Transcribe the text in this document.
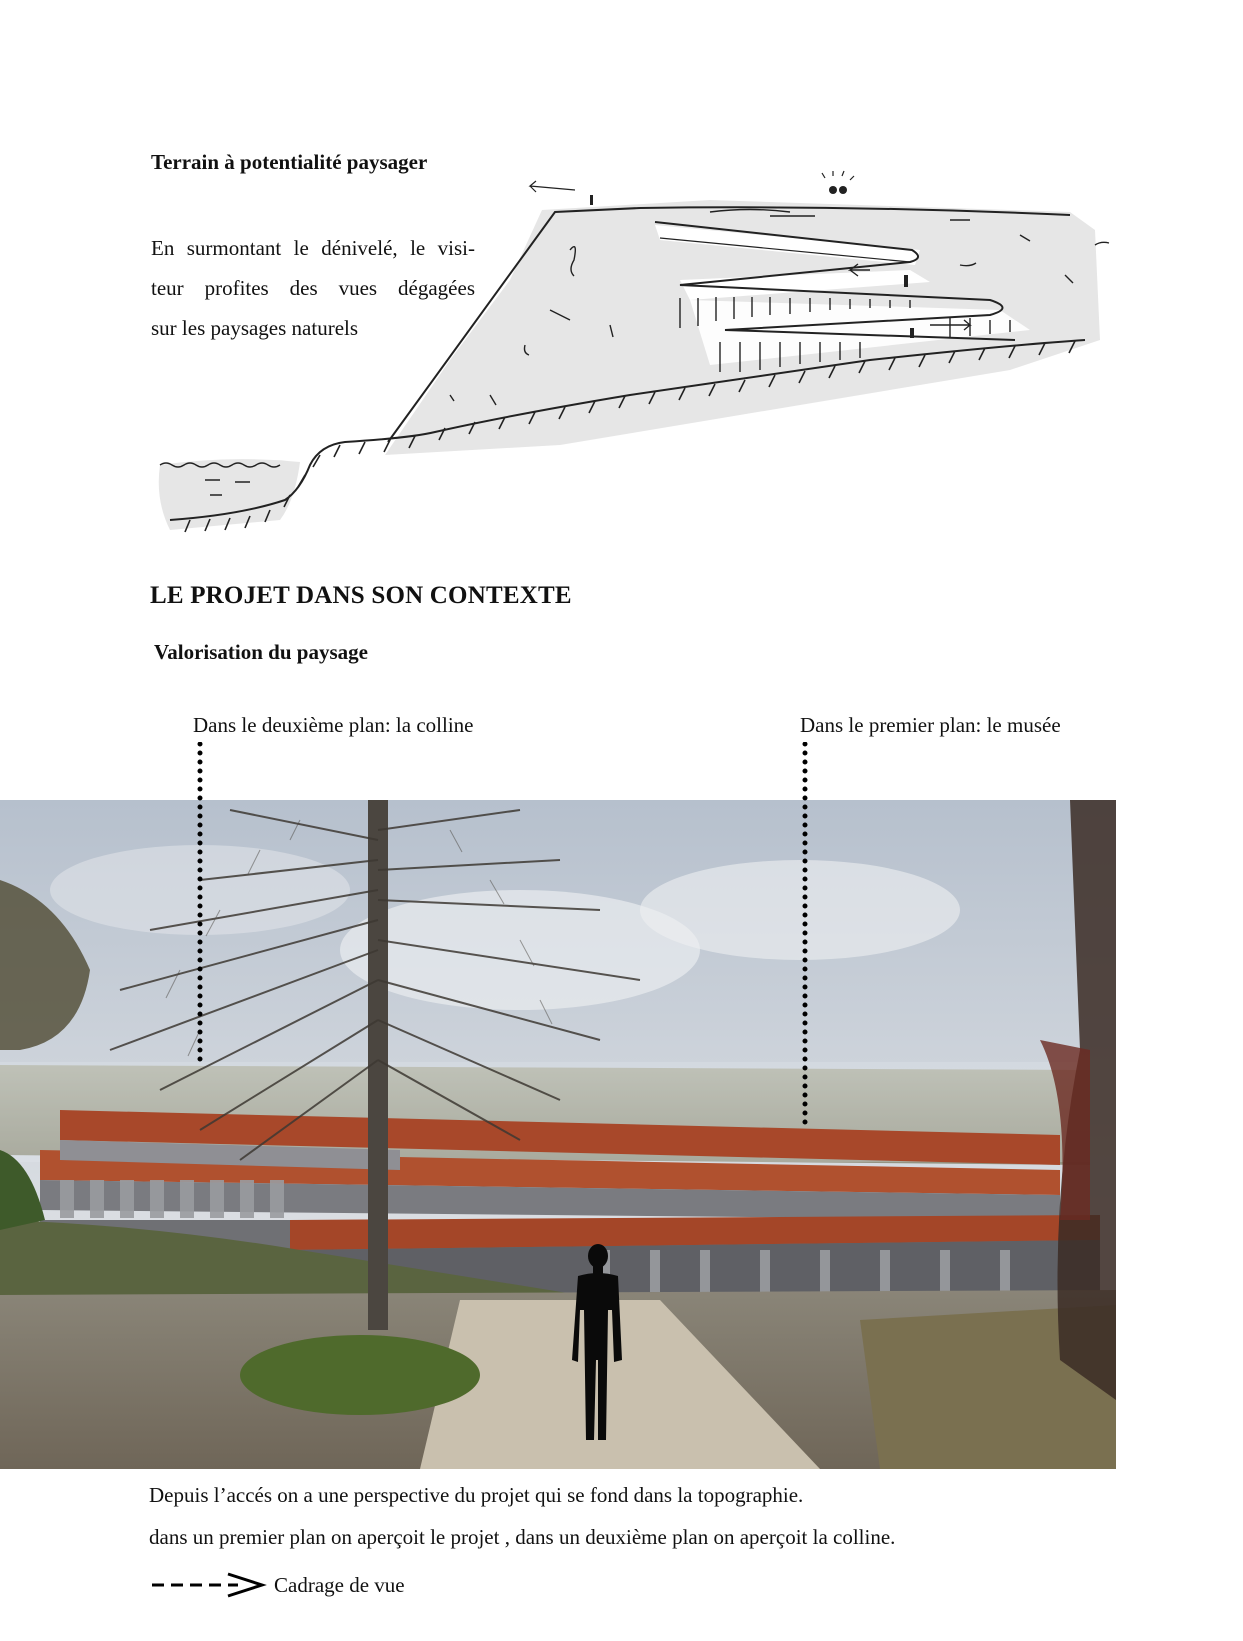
Terrain à potentialité paysager
En surmontant le dénivelé, le visi-
teur profites des vues dégagées
sur les paysages naturels
LE PROJET DANS SON CONTEXTE
Valorisation du paysage
Dans le deuxième plan: la colline	Dans le premier plan: le musée
Depuis l’accés on a une perspective du projet qui se fond dans la topographie.
dans un premier plan on aperçoit le projet , dans un deuxième plan on aperçoit la colline.
Cadrage de vue
